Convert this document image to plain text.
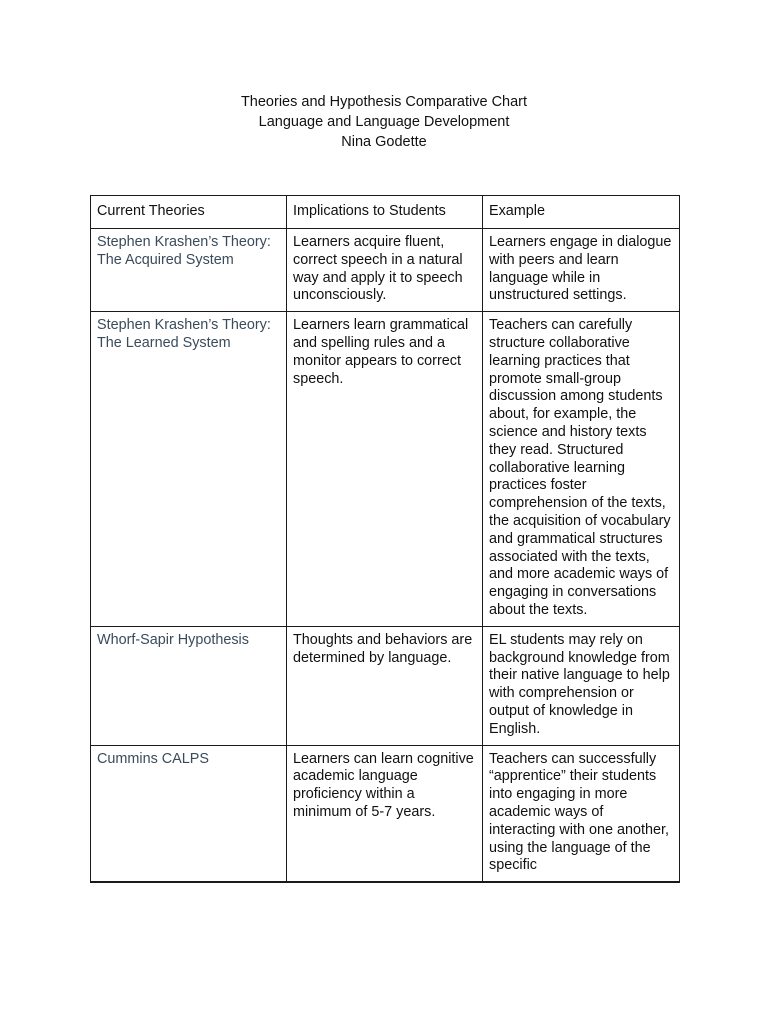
Theories and Hypothesis Comparative Chart
Language and Language Development
Nina Godette
Current Theories	Implications to Students	Example
Stephen Krashen’s Theory: The Acquired System	Learners acquire fluent, correct speech in a natural way and apply it to speech unconsciously.	Learners engage in dialogue with peers and learn language while in unstructured settings.
Stephen Krashen’s Theory: The Learned System	Learners learn grammatical and spelling rules and a monitor appears to correct speech.	Teachers can carefully structure collaborative learning practices that promote small-group discussion among students about, for example, the science and history texts they read. Structured collaborative learning practices foster comprehension of the texts, the acquisition of vocabulary and grammatical structures associated with the texts, and more academic ways of engaging in conversations about the texts.
Whorf-Sapir Hypothesis	Thoughts and behaviors are determined by language.	EL students may rely on background knowledge from their native language to help with comprehension or output of knowledge in English.
Cummins CALPS	Learners can learn cognitive academic language proficiency within a minimum of 5-7 years.	Teachers can successfully “apprentice” their students into engaging in more academic ways of interacting with one another, using the language of the specific
